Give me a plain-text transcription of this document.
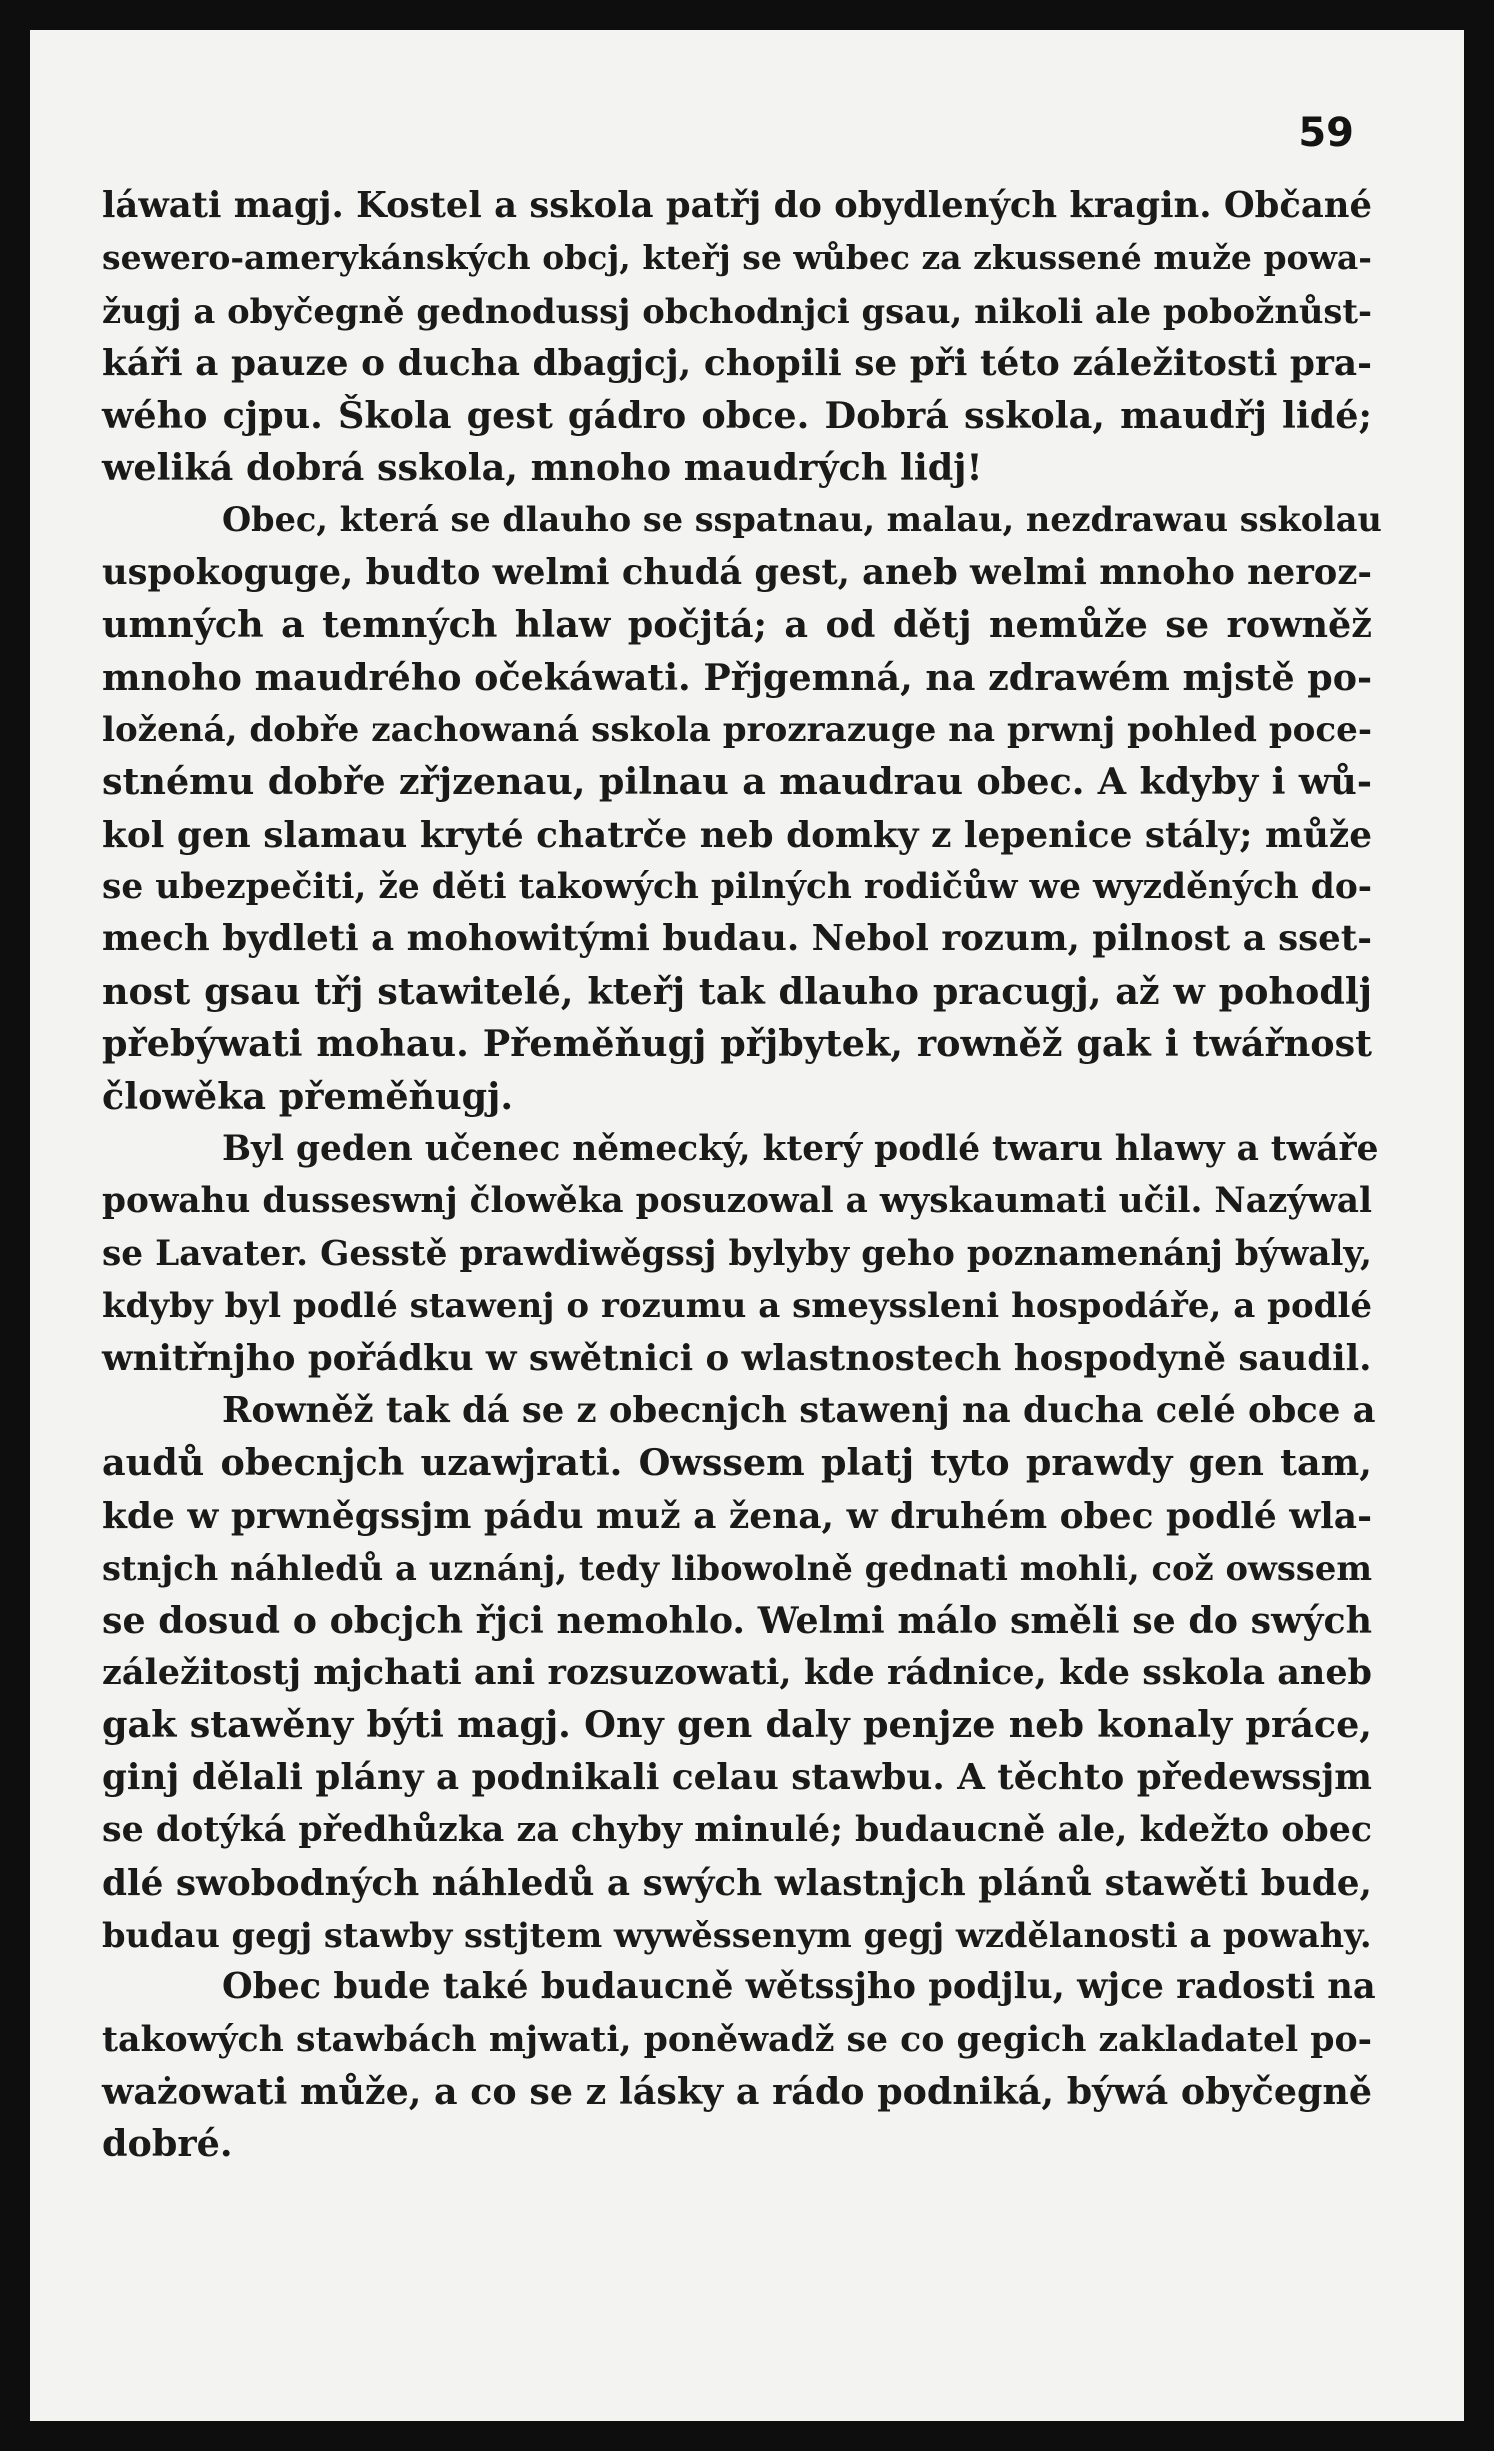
59
láwati magj. Kostel a sskola patřj do obydlených kragin. Občané
sewero-amerykánských obcj, kteřj se wůbec za zkussené muže powa-
žugj a obyčegně gednodussj obchodnjci gsau, nikoli ale pobožnůst-
káři a pauze o ducha dbagjcj, chopili se při této záležitosti pra-
wého cjpu. Škola gest gádro obce. Dobrá sskola, maudřj lidé;
weliká dobrá sskola, mnoho maudrých lidj!
Obec, která se dlauho se sspatnau, malau, nezdrawau sskolau
uspokoguge, budto welmi chudá gest, aneb welmi mnoho neroz-
umných a temných hlaw počjtá; a od dětj nemůže se rowněž
mnoho maudrého očekáwati. Přjgemná, na zdrawém mjstě po-
ložená, dobře zachowaná sskola prozrazuge na prwnj pohled poce-
stnému dobře zřjzenau, pilnau a maudrau obec. A kdyby i wů-
kol gen slamau kryté chatrče neb domky z lepenice stály; může
se ubezpečiti, že děti takowých pilných rodičůw we wyzděných do-
mech bydleti a mohowitými budau. Nebol rozum, pilnost a sset-
nost gsau třj stawitelé, kteřj tak dlauho pracugj, až w pohodlj
přebýwati mohau. Přeměňugj přjbytek, rowněž gak i twářnost
člowěka přeměňugj.
Byl geden učenec německý, který podlé twaru hlawy a twáře
powahu dusseswnj člowěka posuzowal a wyskaumati učil. Nazýwal
se Lavater. Gesstě prawdiwěgssj bylyby geho poznamenánj býwaly,
kdyby byl podlé stawenj o rozumu a smeyssleni hospodáře, a podlé
wnitřnjho pořádku w swětnici o wlastnostech hospodyně saudil.
Rowněž tak dá se z obecnjch stawenj na ducha celé obce a
audů obecnjch uzawjrati. Owssem platj tyto prawdy gen tam,
kde w prwněgssjm pádu muž a žena, w druhém obec podlé wla-
stnjch náhledů a uznánj, tedy libowolně gednati mohli, což owssem
se dosud o obcjch řjci nemohlo. Welmi málo směli se do swých
záležitostj mjchati ani rozsuzowati, kde rádnice, kde sskola aneb
gak stawěny býti magj. Ony gen daly penjze neb konaly práce,
ginj dělali plány a podnikali celau stawbu. A těchto předewssjm
se dotýká předhůzka za chyby minulé; budaucně ale, kdežto obec
dlé swobodných náhledů a swých wlastnjch plánů stawěti bude,
budau gegj stawby sstjtem wywěssenym gegj wzdělanosti a powahy.
Obec bude také budaucně wětssjho podjlu, wjce radosti na
takowých stawbách mjwati, poněwadž se co gegich zakladatel po-
ważowati může, a co se z lásky a rádo podniká, býwá obyčegně
dobré.
